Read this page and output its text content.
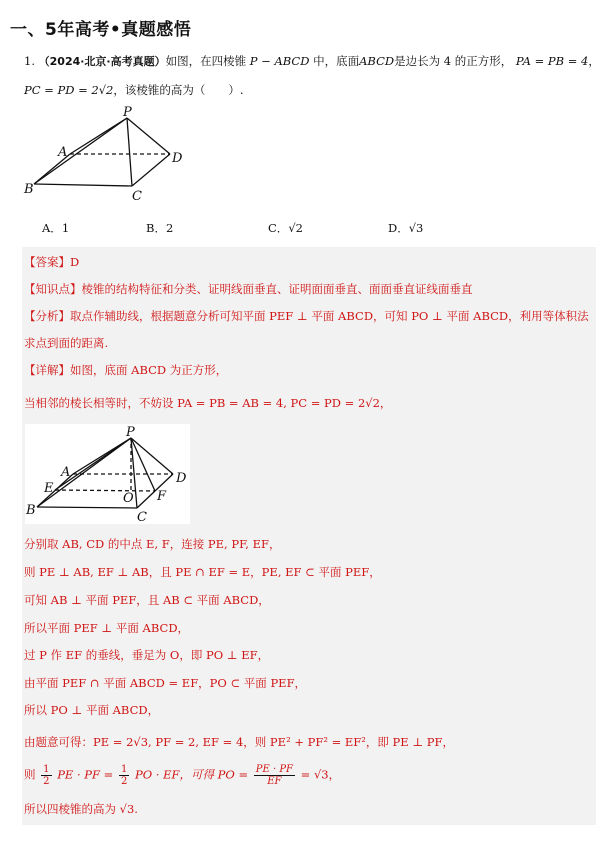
一、5年高考•真题感悟
1. （2024·北京·高考真题）如图，在四棱锥 P − ABCD 中，底面ABCD是边长为 4 的正方形， PA = PB = 4，
PC = PD = 2√2，该棱锥的高为（　　）.
P
A
B	C
D
A．1	B．2	C．√2	D．√3
【答案】D
【知识点】棱锥的结构特征和分类、证明线面垂直、证明面面垂直、面面垂直证线面垂直
【分析】取点作辅助线，根据题意分析可知平面 PEF ⊥ 平面 ABCD，可知 PO ⊥ 平面 ABCD，利用等体积法
求点到面的距离.
【详解】如图，底面 ABCD 为正方形，
当相邻的棱长相等时，不妨设 PA = PB = AB = 4, PC = PD = 2√2，
P
A
E
B
O F
C
D
分别取 AB, CD 的中点 E, F，连接 PE, PF, EF，
则 PE ⊥ AB, EF ⊥ AB，且 PE ∩ EF = E，PE, EF ⊂ 平面 PEF，
可知 AB ⊥ 平面 PEF，且 AB ⊂ 平面 ABCD，
所以平面 PEF ⊥ 平面 ABCD，
过 P 作 EF 的垂线，垂足为 O，即 PO ⊥ EF，
由平面 PEF ∩ 平面 ABCD = EF，PO ⊂ 平面 PEF，
所以 PO ⊥ 平面 ABCD，
由题意可得：PE = 2√3, PF = 2, EF = 4，则 PE² + PF² = EF²，即 PE ⊥ PF，
则 $\frac{1}{2}$ PE · PF = $\frac{1}{2}$ PO · EF，可得 PO = $\frac{PE \cdot PF}{EF} = √3$，
所以四棱锥的高为 √3.
